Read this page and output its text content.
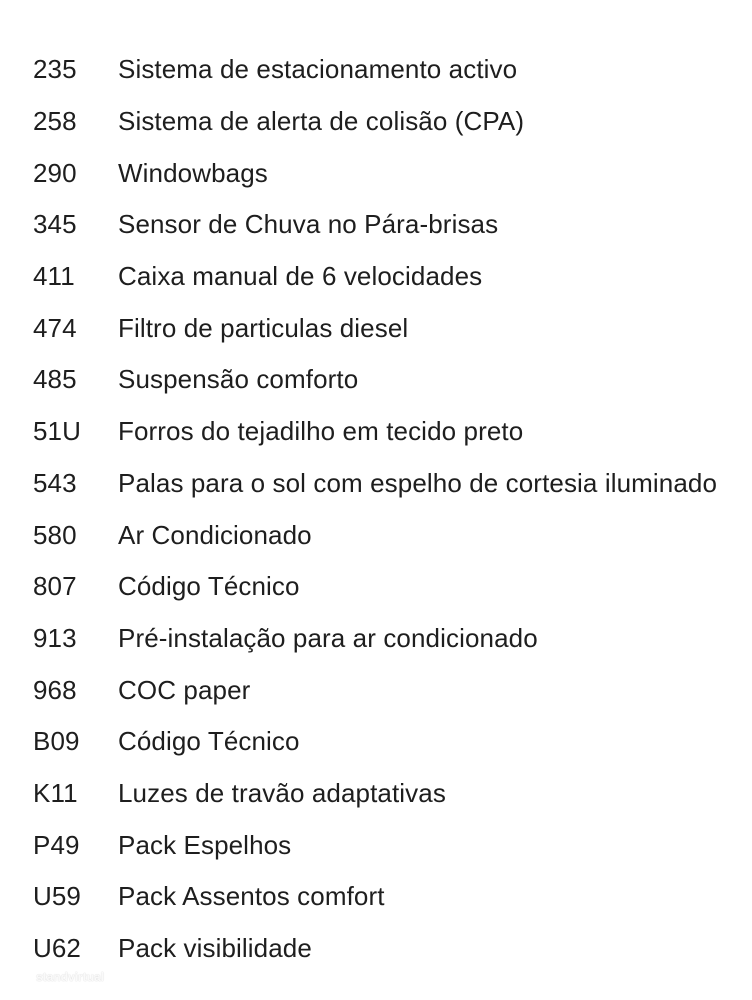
235	Sistema de estacionamento activo
258	Sistema de alerta de colisão (CPA)
290	Windowbags
345	Sensor de Chuva no Pára-brisas
411	Caixa manual de 6 velocidades
474	Filtro de particulas diesel
485	Suspensão comforto
51U	Forros do tejadilho em tecido preto
543	Palas para o sol com espelho de cortesia iluminado
580	Ar Condicionado
807	Código Técnico
913	Pré-instalação para ar condicionado
968	COC paper
B09	Código Técnico
K11	Luzes de travão adaptativas
P49	Pack Espelhos
U59	Pack Assentos comfort
U62	Pack visibilidade
standvirtual
